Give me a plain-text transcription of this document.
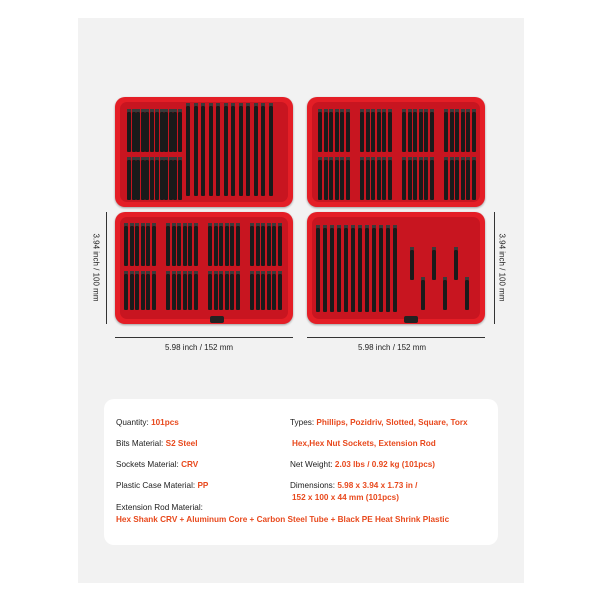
5.98 inch / 152 mm	5.98 inch / 152 mm
3.94 inch / 100 mm	3.94 inch / 100 mm
Quantity: 101pcs
Bits Material: S2 Steel
Sockets Material: CRV
Plastic Case Material: PP
Extension Rod Material:
Hex Shank CRV + Aluminum Core + Carbon Steel Tube + Black PE Heat Shrink Plastic
Types: Phillips, Pozidriv, Slotted, Square, Torx
Hex,Hex Nut Sockets, Extension Rod
Net Weight: 2.03 lbs / 0.92 kg (101pcs)
Dimensions: 5.98 x 3.94 x 1.73 in /
152 x 100 x 44 mm (101pcs)
